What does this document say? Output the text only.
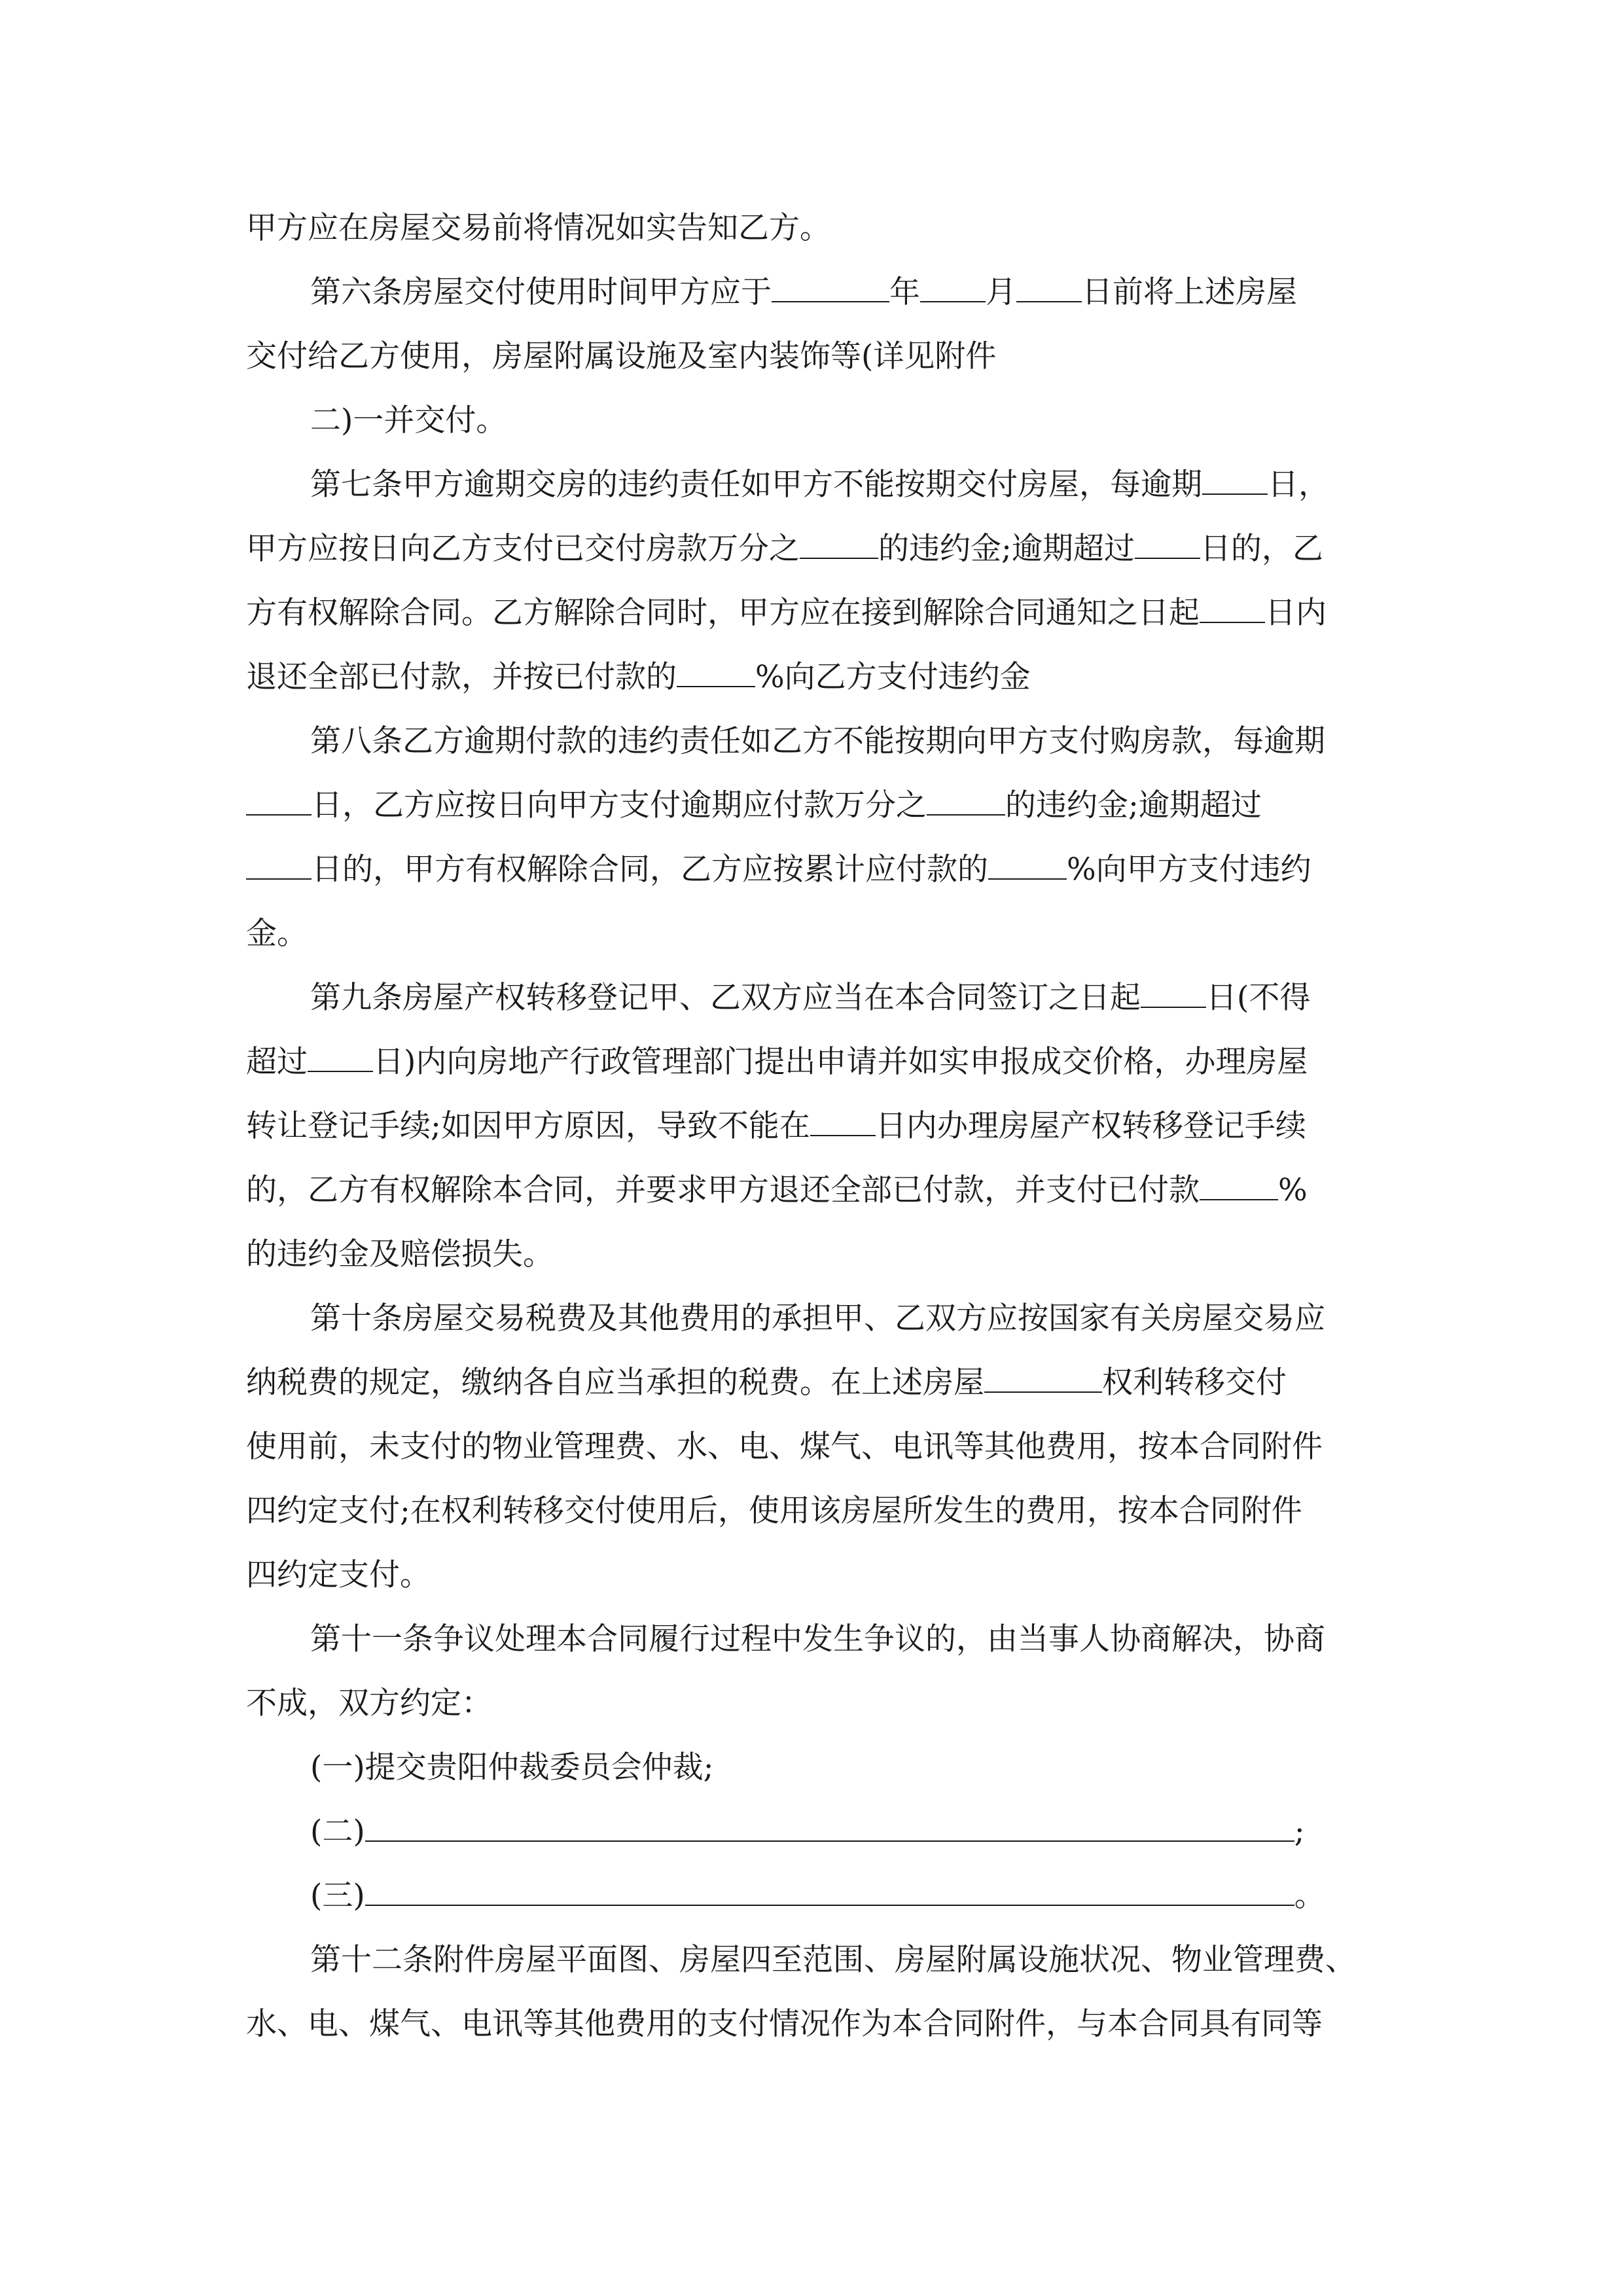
甲方应在房屋交易前将情况如实告知乙方。
第六条房屋交付使用时间甲方应于	年 月 日前将上述房屋
交付给乙方使用，房屋附属设施及室内装饰等(详见附件
二)一并交付。
第七条甲方逾期交房的违约责任如甲方不能按期交付房屋，每逾期 日，
甲方应按日向乙方支付已交付房款万分之	的违约金;逾期超过 日的，乙
方有权解除合同。乙方解除合同时，甲方应在接到解除合同通知之日起 日内
退还全部已付款，并按已付款的	%向乙方支付违约金
第八条乙方逾期付款的违约责任如乙方不能按期向甲方支付购房款，每逾期
日，乙方应按日向甲方支付逾期应付款万分之	的违约金;逾期超过
日的，甲方有权解除合同，乙方应按累计应付款的	%向甲方支付违约
金。
第九条房屋产权转移登记甲、乙双方应当在本合同签订之日起 日(不得
超过 日)内向房地产行政管理部门提出申请并如实申报成交价格，办理房屋
转让登记手续;如因甲方原因，导致不能在 日内办理房屋产权转移登记手续
的，乙方有权解除本合同，并要求甲方退还全部已付款，并支付已付款	%
的违约金及赔偿损失。
第十条房屋交易税费及其他费用的承担甲、乙双方应按国家有关房屋交易应
纳税费的规定，缴纳各自应当承担的税费。在上述房屋	权利转移交付
使用前，未支付的物业管理费、水、电、煤气、电讯等其他费用，按本合同附件
四约定支付;在权利转移交付使用后，使用该房屋所发生的费用，按本合同附件
四约定支付。
第十一条争议处理本合同履行过程中发生争议的，由当事人协商解决，协商
不成，双方约定：
(一)提交贵阳仲裁委员会仲裁;
(二)	;
(三)	。
第十二条附件房屋平面图、房屋四至范围、房屋附属设施状况、物业管理费、
水、电、煤气、电讯等其他费用的支付情况作为本合同附件，与本合同具有同等
